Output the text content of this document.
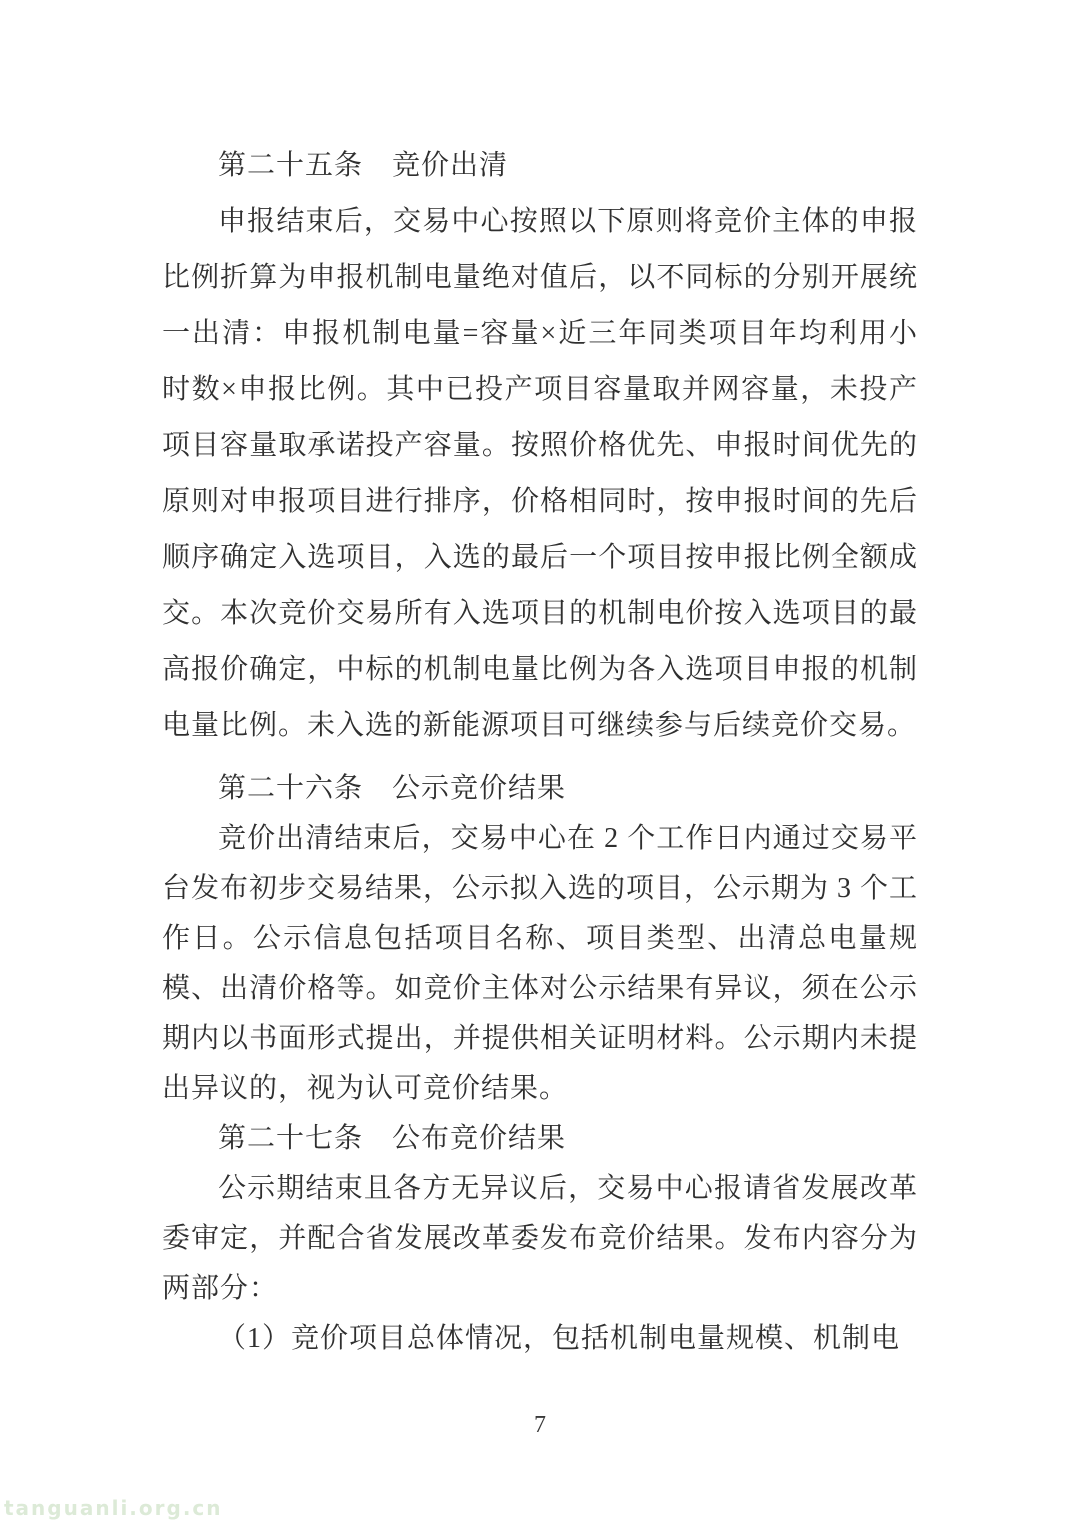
第二十五条　竞价出清

申报结束后，交易中心按照以下原则将竞价主体的申报比例折算为申报机制电量绝对值后，以不同标的分别开展统一出清：申报机制电量=容量×近三年同类项目年均利用小时数×申报比例。其中已投产项目容量取并网容量，未投产项目容量取承诺投产容量。按照价格优先、申报时间优先的原则对申报项目进行排序，价格相同时，按申报时间的先后顺序确定入选项目，入选的最后一个项目按申报比例全额成交。本次竞价交易所有入选项目的机制电价按入选项目的最高报价确定，中标的机制电量比例为各入选项目申报的机制电量比例。未入选的新能源项目可继续参与后续竞价交易。

第二十六条　公示竞价结果

竞价出清结束后，交易中心在 2 个工作日内通过交易平台发布初步交易结果，公示拟入选的项目，公示期为 3 个工作日。公示信息包括项目名称、项目类型、出清总电量规模、出清价格等。如竞价主体对公示结果有异议，须在公示期内以书面形式提出，并提供相关证明材料。公示期内未提出异议的，视为认可竞价结果。

第二十七条　公布竞价结果

公示期结束且各方无异议后，交易中心报请省发展改革委审定，并配合省发展改革委发布竞价结果。发布内容分为两部分：

（1）竞价项目总体情况，包括机制电量规模、机制电

7
tanguanli.org.cn
